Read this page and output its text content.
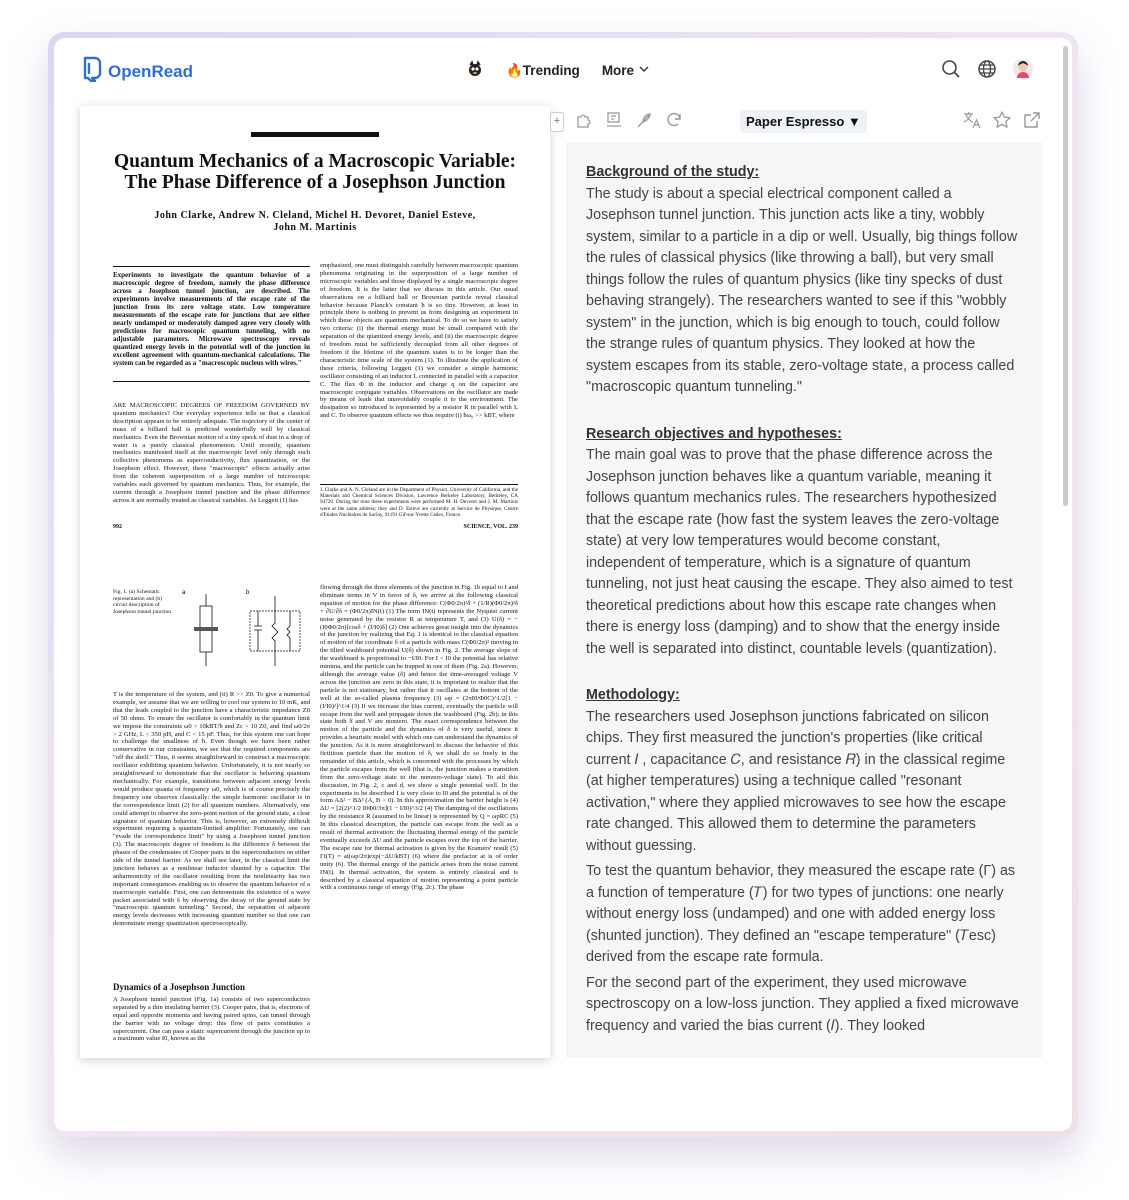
OpenRead	🔥Trending More
Quantum Mechanics of a Macroscopic Variable:
The Phase Difference of a Josephson Junction
John Clarke, Andrew N. Cleland, Michel H. Devoret, Daniel Esteve,
John M. Martinis
Experiments to investigate the quantum behavior of a macroscopic degree of freedom, namely the phase difference across a Josephson tunnel junction, are described. The experiments involve measurements of the escape rate of the junction from its zero voltage state. Low temperature measurements of the escape rate for junctions that are either nearly undamped or moderately damped agree very closely with predictions for macroscopic quantum tunneling, with no adjustable parameters. Microwave spectroscopy reveals quantized energy levels in the potential well of the junction in excellent agreement with quantum-mechanical calculations. The system can be regarded as a "macroscopic nucleus with wires."
ARE MACROSCOPIC DEGREES OF FREEDOM GOVERNED BY quantum mechanics? Our everyday experience tells us that a classical description appears to be entirely adequate. The trajectory of the center of mass of a billiard ball is predicted wonderfully well by classical mechanics. Even the Brownian motion of a tiny speck of dust in a drop of water is a purely classical phenomenon. Until recently, quantum mechanics manifested itself at the macroscopic level only through such collective phenomena as superconductivity, flux quantization, or the Josephson effect. However, these "macroscopic" effects actually arise from the coherent superposition of a large number of microscopic variables each governed by quantum mechanics. Thus, for example, the current through a Josephson tunnel junction and the phase difference across it are normally treated as classical variables. As Leggett (1) has
emphasized, one must distinguish carefully between macroscopic quantum phenomena originating in the superposition of a large number of microscopic variables and those displayed by a single macroscopic degree of freedom. It is the latter that we discuss in this article. Our usual observations on a billiard ball or Brownian particle reveal classical behavior because Planck's constant ħ is so tiny. However, at least in principle there is nothing to prevent us from designing an experiment in which these objects are quantum mechanical. To do so we have to satisfy two criteria: (i) the thermal energy must be small compared with the separation of the quantized energy levels, and (ii) the macroscopic degree of freedom must be sufficiently decoupled from all other degrees of freedom if the lifetime of the quantum states is to be longer than the characteristic time scale of the system (1). To illustrate the application of these criteria, following Leggett (1) we consider a simple harmonic oscillator consisting of an inductor L connected in parallel with a capacitor C. The flux Φ in the inductor and charge q on the capacitor are macroscopic conjugate variables. Observations on the oscillator are made by means of leads that unavoidably couple it to the environment. The dissipation so introduced is represented by a resistor R in parallel with L and C. To observe quantum effects we thus require (i) ħω₀ >> kBT, where
J. Clarke and A. N. Cleland are in the Department of Physics, University of California, and the Materials and Chemical Sciences Division, Lawrence Berkeley Laboratory, Berkeley, CA 94720. During the time these experiments were performed M. H. Devoret and J. M. Martinis were at the same address; they and D. Esteve are currently at Service de Physique, Centre d'Etudes Nucléaires de Saclay, 91191 Gif-sur-Yvette Cedex, France.
992	SCIENCE, VOL. 239
Fig. 1. (a) Schematic representation and (b) circuit description of Josephson tunnel junction.
a	b
T is the temperature of the system, and (ii) R >> Z0. To give a numerical example, we assume that we are willing to cool our system to 10 mK, and that the leads coupled to the junction have a characteristic impedance Z0 of 50 ohms. To ensure the oscillator is comfortably in the quantum limit we impose the constraints ω0 > 10kBT/ħ and Zc > 10 Z0, and find ω0/2π > 2 GHz, L < 350 pH, and C < 15 pF. Thus, for this system one can hope to challenge the smallness of ħ. Even though we have been rather conservative in our constraints, we see that the required components are "off the shelf." Thus, it seems straightforward to construct a macroscopic oscillator exhibiting quantum behavior. Unfortunately, it is not nearly so straightforward to demonstrate that the oscillator is behaving quantum mechanically. For example, transitions between adjacent energy levels would produce quanta of frequency ω0, which is of course precisely the frequency one observes classically: the simple harmonic oscillator is in the correspondence limit (2) for all quantum numbers. Alternatively, one could attempt to observe the zero-point motion of the ground state, a clear signature of quantum behavior. This is, however, an extremely difficult experiment requiring a quantum-limited amplifier. Fortunately, one can "evade the correspondence limit" by using a Josephson tunnel junction (3). The macroscopic degree of freedom is the difference δ between the phases of the condensates of Cooper pairs in the superconductors on either side of the tunnel barrier. As we shall see later, in the classical limit the junction behaves as a nonlinear inductor shunted by a capacitor. The anharmonicity of the oscillator resulting from the nonlinearity has two important consequences enabling us to observe the quantum behavior of a macroscopic variable. First, one can demonstrate the existence of a wave packet associated with δ by observing the decay of the ground state by "macroscopic quantum tunneling." Second, the separation of adjacent energy levels decreases with increasing quantum number so that one can demonstrate energy quantization spectroscopically.
Dynamics of a Josephson Junction
A Josephson tunnel junction (Fig. 1a) consists of two superconductors separated by a thin insulating barrier (3). Cooper pairs, that is, electrons of equal and opposite momenta and having paired spins, can tunnel through the barrier with no voltage drop; this flow of pairs constitutes a supercurrent. One can pass a static supercurrent through the junction up to a maximum value I0, known as the
flowing through the three elements of the junction in Fig. 1b equal to I and eliminate terms in V in favor of δ, we arrive at the following classical equation of motion for the phase difference: C(Φ0/2π)²δ̈ + (1/R)(Φ0/2π)²δ̇ + ∂U/∂δ = (Φ0/2π)IN(t) (1) The term IN(t) represents the Nyquist current noise generated by the resistor R at temperature T, and (3) U(δ) = −(I0Φ0/2π)[cosδ + (I/I0)δ] (2) One achieves great insight into the dynamics of the junction by realizing that Eq. 1 is identical to the classical equation of motion of the coordinate δ of a particle with mass C(Φ0/2π)² moving in the tilted washboard potential U(δ) shown in Fig. 2. The average slope of the washboard is proportional to −I/I0. For I < I0 the potential has relative minima, and the particle can be trapped in one of them (Fig. 2a). However, although the average value (δ̇) and hence the time-averaged voltage V across the junction are zero in this state, it is important to realize that the particle is not stationary, but rather that it oscillates at the bottom of the well at the so-called plasma frequency (3) ωp = (2πI0/Φ0C)^1/2[1 − (I/I0)²]^1/4 (3) If we increase the bias current, eventually the particle will escape from the well and propagate down the washboard (Fig. 2b); in this state both δ̇ and V are nonzero. The exact correspondence between the motion of the particle and the dynamics of δ is very useful, since it provides a heuristic model with which one can understand the dynamics of the junction. As it is more straightforward to discuss the behavior of this fictitious particle than the motion of δ, we shall do so freely in the remainder of this article, which is concerned with the processes by which the particle escapes from the well (that is, the junction makes a transition from the zero-voltage state to the nonzero-voltage state). To aid this discussion, in Fig. 2, c and d, we show a single potential well. In the experiments to be described I is very close to I0 and the potential is of the form AΔ² − BΔ³ (A, B > 0). In this approximation the barrier height is (4) ΔU = [2(2)^1/2 I0Φ0/3π](1 − I/I0)^3/2 (4) The damping of the oscillations by the resistance R (assumed to be linear) is represented by Q = ωpRC (5) In this classical description, the particle can escape from the well as a result of thermal activation: the fluctuating thermal energy of the particle eventually exceeds ΔU and the particle escapes over the top of the barrier. The escape rate for thermal activation is given by the Kramers' result (5) Γt(T) = at(ωp/2π)exp(−ΔU/kBT) (6) where the prefactor at is of order unity (6). The thermal energy of the particle arises from the noise current IN(t). In thermal activation, the system is entirely classical and is described by a classical equation of motion representing a point particle with a continuous range of energy (Fig. 2c). The phase
+	Paper Espresso ▼
Background of the study:
The study is about a special electrical component called a Josephson tunnel junction. This junction acts like a tiny, wobbly system, similar to a particle in a dip or well. Usually, big things follow the rules of classical physics (like throwing a ball), but very small things follow the rules of quantum physics (like tiny specks of dust behaving strangely). The researchers wanted to see if this "wobbly system" in the junction, which is big enough to touch, could follow the strange rules of quantum physics. They looked at how the system escapes from its stable, zero-voltage state, a process called "macroscopic quantum tunneling."
Research objectives and hypotheses:
The main goal was to prove that the phase difference across the Josephson junction behaves like a quantum variable, meaning it follows quantum mechanics rules. The researchers hypothesized that the escape rate (how fast the system leaves the zero-voltage state) at very low temperatures would become constant, independent of temperature, which is a signature of quantum tunneling, not just heat causing the escape. They also aimed to test theoretical predictions about how this escape rate changes when there is energy loss (damping) and to show that the energy inside the well is separated into distinct, countable levels (quantization).
Methodology:
The researchers used Josephson junctions fabricated on silicon chips. They first measured the junction's properties (like critical current 𝐼 , capacitance 𝐶, and resistance 𝑅) in the classical regime (at higher temperatures) using a technique called "resonant activation," where they applied microwaves to see how the escape rate changed. This allowed them to determine the parameters without guessing.
To test the quantum behavior, they measured the escape rate (Γ) as a function of temperature (𝑇) for two types of junctions: one nearly without energy loss (undamped) and one with added energy loss (shunted junction). They defined an "escape temperature" (𝑇esc) derived from the escape rate formula.
For the second part of the experiment, they used microwave spectroscopy on a low-loss junction. They applied a fixed microwave frequency and varied the bias current (𝐼). They looked
